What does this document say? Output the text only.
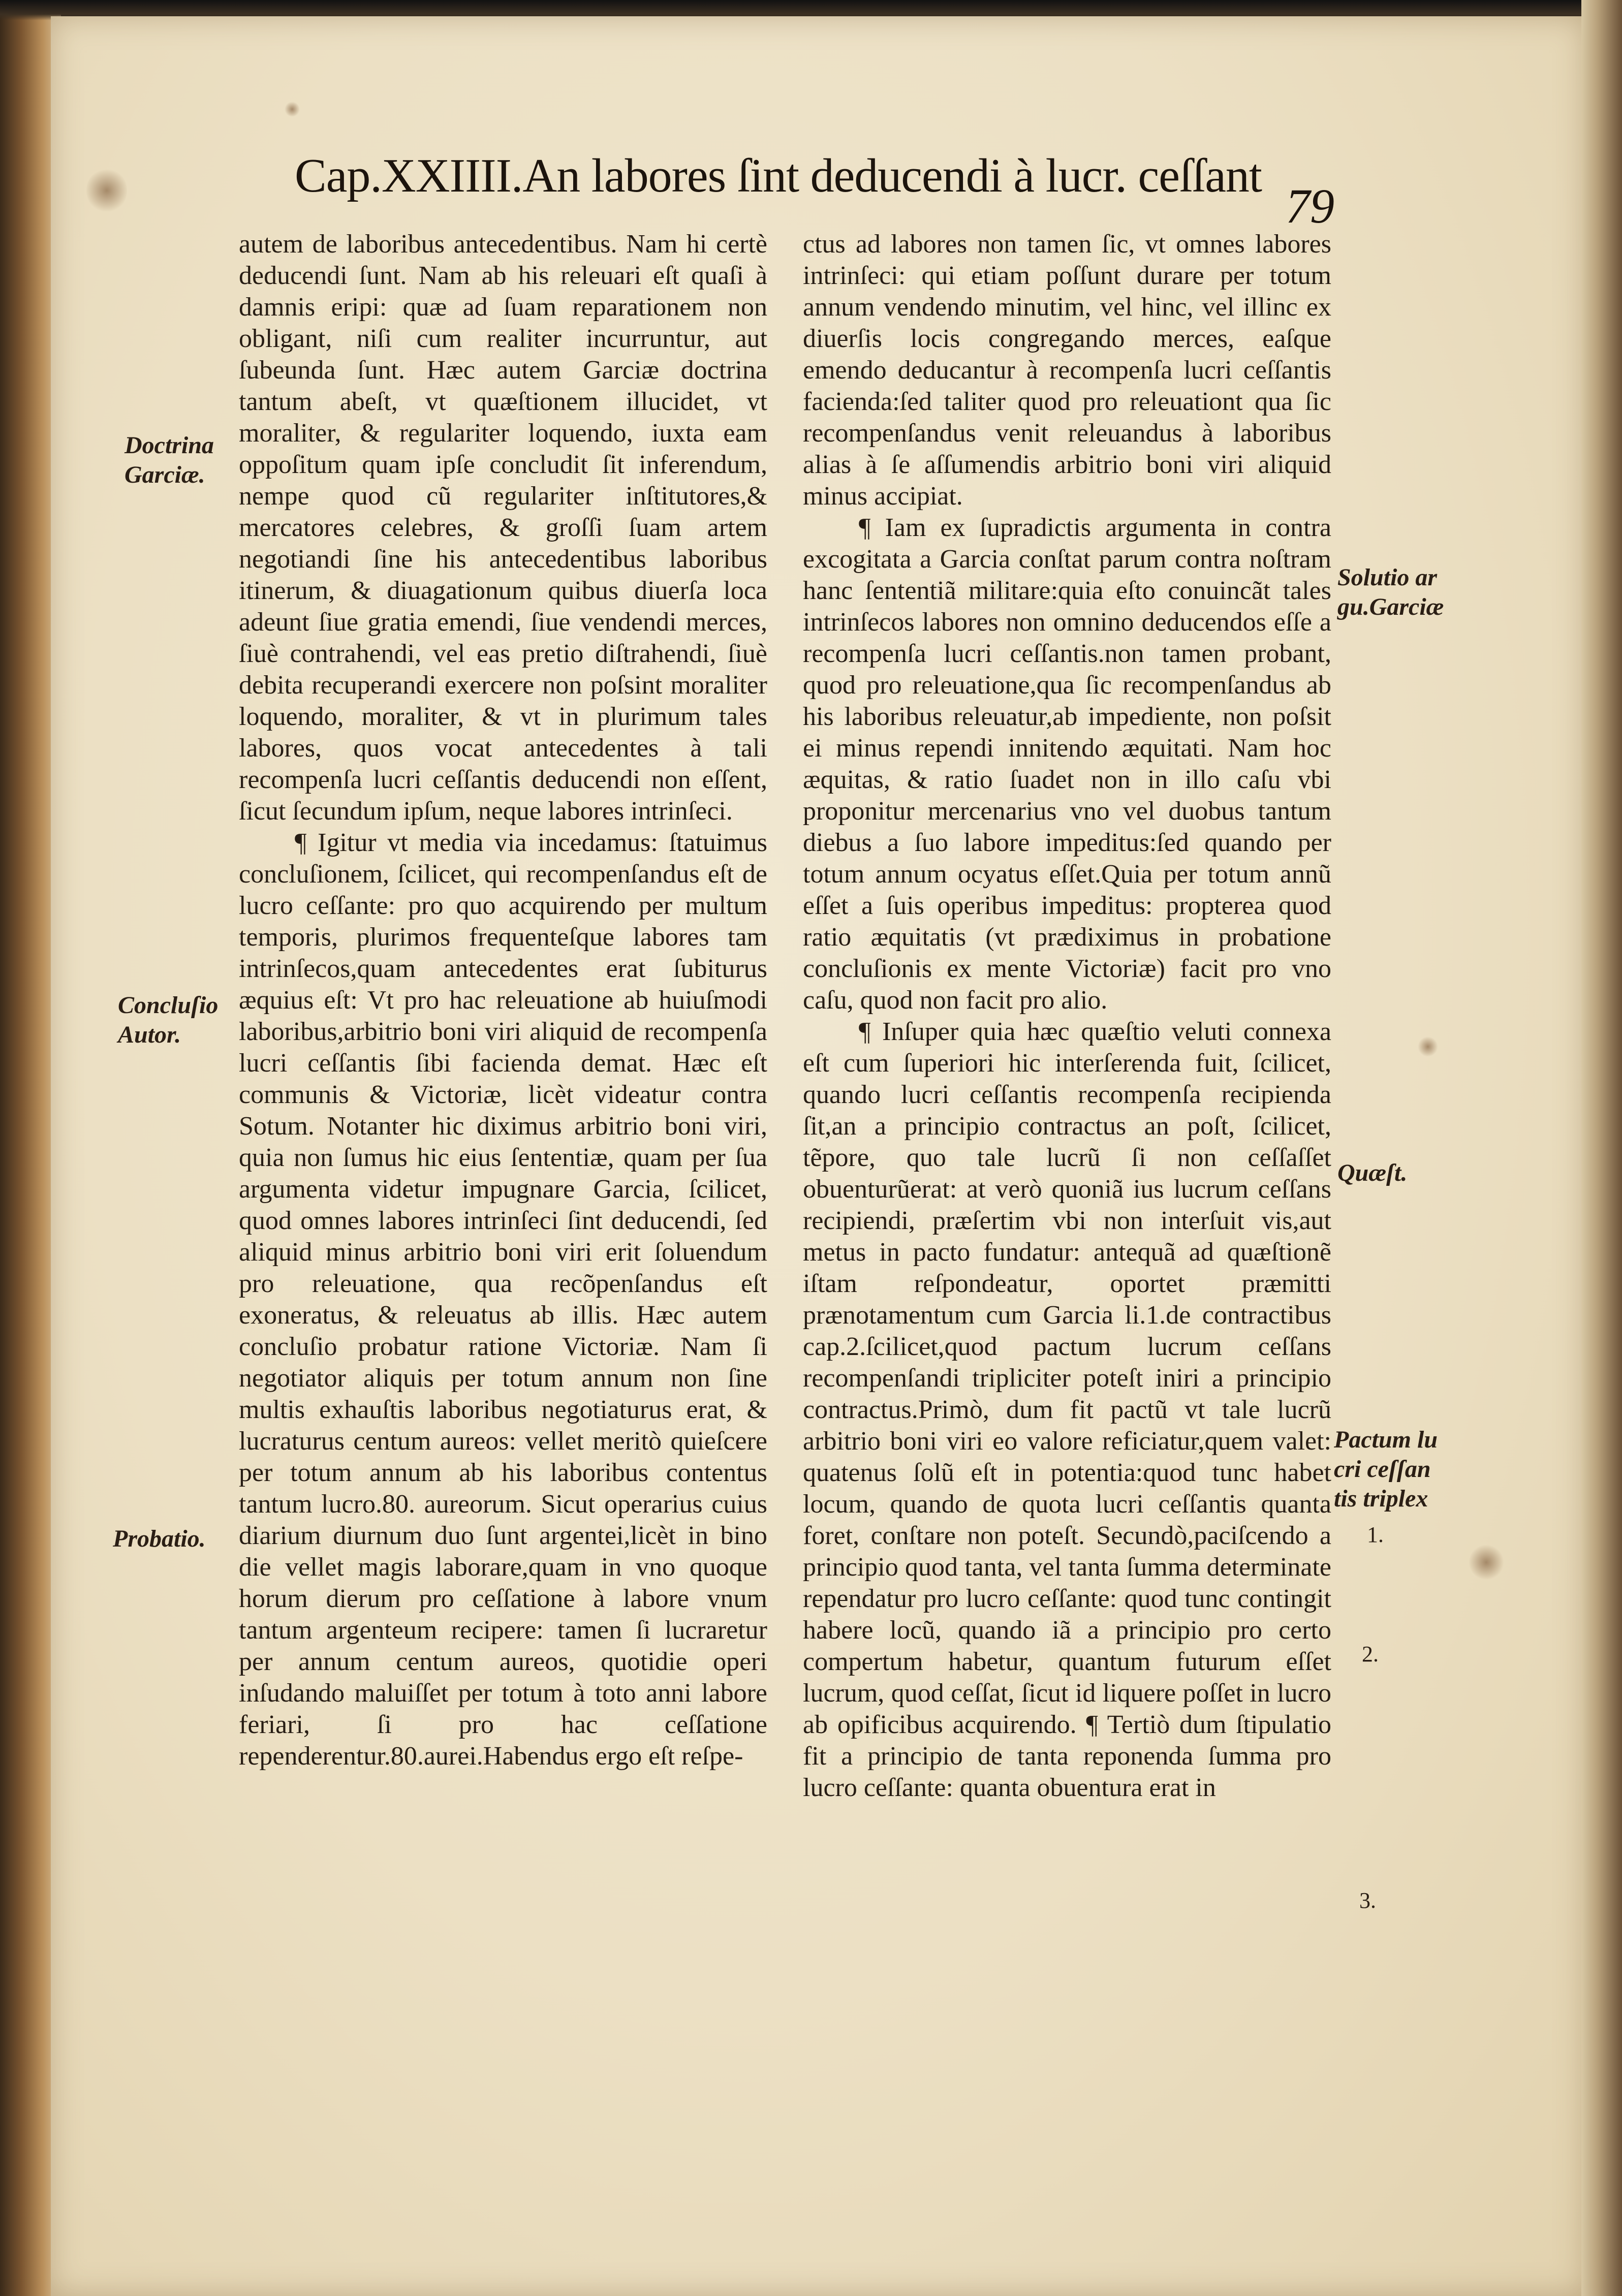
Cap.XXIIII.An labores ſint deducendi à lucr. ceſſant
79

autem de laboribus antecedentibus. Nam hi certè deducendi ſunt. Nam ab his releuari eſt quaſi à damnis eripi: quæ ad ſuam reparationem non obligant, niſi cum realiter incurruntur, aut ſubeunda ſunt. Hæc autem Garciæ doctrina tantum abeſt, vt quæſtionem illucidet, vt moraliter, & regulariter loquendo, iuxta eam oppoſitum quam ipſe concludit ſit inferendum, nempe quod cũ regulariter inſtitutores,& mercatores celebres, & groſſi ſuam artem negotiandi ſine his antecedentibus laboribus itinerum, & diuagationum quibus diuerſa loca adeunt ſiue gratia emendi, ſiue vendendi merces, ſiuè contrahendi, vel eas pretio diſtrahendi, ſiuè debita recuperandi exercere non poſsint moraliter loquendo, moraliter, & vt in plurimum tales labores, quos vocat antecedentes à tali recompenſa lucri ceſſantis deducendi non eſſent, ſicut ſecundum ipſum, neque labores intrinſeci.

¶ Igitur vt media via incedamus: ſtatuimus concluſionem, ſcilicet, qui recompenſandus eſt de lucro ceſſante: pro quo acquirendo per multum temporis, plurimos frequenteſque labores tam intrinſecos,quam antecedentes erat ſubiturus æquius eſt: Vt pro hac releuatione ab huiuſmodi laboribus,arbitrio boni viri aliquid de recompenſa lucri ceſſantis ſibi facienda demat. Hæc eſt communis & Victoriæ, licèt videatur contra Sotum. Notanter hic diximus arbitrio boni viri, quia non ſumus hic eius ſententiæ, quam per ſua argumenta videtur impugnare Garcia, ſcilicet, quod omnes labores intrinſeci ſint deducendi, ſed aliquid minus arbitrio boni viri erit ſoluendum pro releuatione, qua recõpenſandus eſt exoneratus, & releuatus ab illis. Hæc autem concluſio probatur ratione Victoriæ. Nam ſi negotiator aliquis per totum annum non ſine multis exhauſtis laboribus negotiaturus erat, & lucraturus centum aureos: vellet meritò quieſcere per totum annum ab his laboribus contentus tantum lucro.80. aureorum. Sicut operarius cuius diarium diurnum duo ſunt argentei,licèt in bino die vellet magis laborare,quam in vno quoque horum dierum pro ceſſatione à labore vnum tantum argenteum recipere: tamen ſi lucraretur per annum centum aureos, quotidie operi inſudando maluiſſet per totum à toto anni labore feriari, ſi pro hac ceſſatione rependerentur.80.aurei.Habendus ergo eſt reſpe-

ctus ad labores non tamen ſic, vt omnes labores intrinſeci: qui etiam poſſunt durare per totum annum vendendo minutim, vel hinc, vel illinc ex diuerſis locis congregando merces, eaſque emendo deducantur à recompenſa lucri ceſſantis facienda:ſed taliter quod pro releuationt qua ſic recompenſandus venit releuandus à laboribus alias à ſe aſſumendis arbitrio boni viri aliquid minus accipiat.

¶ Iam ex ſupradictis argumenta in contra excogitata a Garcia conſtat parum contra noſtram hanc ſententiã militare:quia eſto conuincãt tales intrinſecos labores non omnino deducendos eſſe a recompenſa lucri ceſſantis.non tamen probant, quod pro releuatione,qua ſic recompenſandus ab his laboribus releuatur,ab impediente, non poſsit ei minus rependi innitendo æquitati. Nam hoc æquitas, & ratio ſuadet non in illo caſu vbi proponitur mercenarius vno vel duobus tantum diebus a ſuo labore impeditus:ſed quando per totum annum ocyatus eſſet.Quia per totum annũ eſſet a ſuis operibus impeditus: propterea quod ratio æquitatis (vt prædiximus in probatione concluſionis ex mente Victoriæ) facit pro vno caſu, quod non facit pro alio.

¶ Inſuper quia hæc quæſtio veluti connexa eſt cum ſuperiori hic interſerenda fuit, ſcilicet, quando lucri ceſſantis recompenſa recipienda ſit,an a principio contractus an poſt, ſcilicet, tẽpore, quo tale lucrũ ſi non ceſſaſſet obuenturũerat: at verò quoniã ius lucrum ceſſans recipiendi, præſertim vbi non interſuit vis,aut metus in pacto fundatur: antequã ad quæſtionẽ iſtam reſpondeatur, oportet præmitti prænotamentum cum Garcia li.1.de contractibus cap.2.ſcilicet,quod pactum lucrum ceſſans recompenſandi tripliciter poteſt iniri a principio contractus.Primò, dum fit pactũ vt tale lucrũ arbitrio boni viri eo valore reficiatur,quem valet: quatenus ſolũ eſt in potentia:quod tunc habet locum, quando de quota lucri ceſſantis quanta foret, conſtare non poteſt. Secundò,paciſcendo a principio quod tanta, vel tanta ſumma determinate rependatur pro lucro ceſſante: quod tunc contingit habere locũ, quando iã a principio pro certo compertum habetur, quantum futurum eſſet lucrum, quod ceſſat, ſicut id liquere poſſet in lucro ab opificibus acquirendo. ¶ Tertiò dum ſtipulatio fit a principio de tanta reponenda ſumma pro lucro ceſſante: quanta obuentura erat in

Doctrina Garciæ.
Concluſio Autor.
Probatio.
Solutio ar gu.Garciæ
Quæſt.
Pactum lu cri ceſſan tis triplex
1.
2.
3.
